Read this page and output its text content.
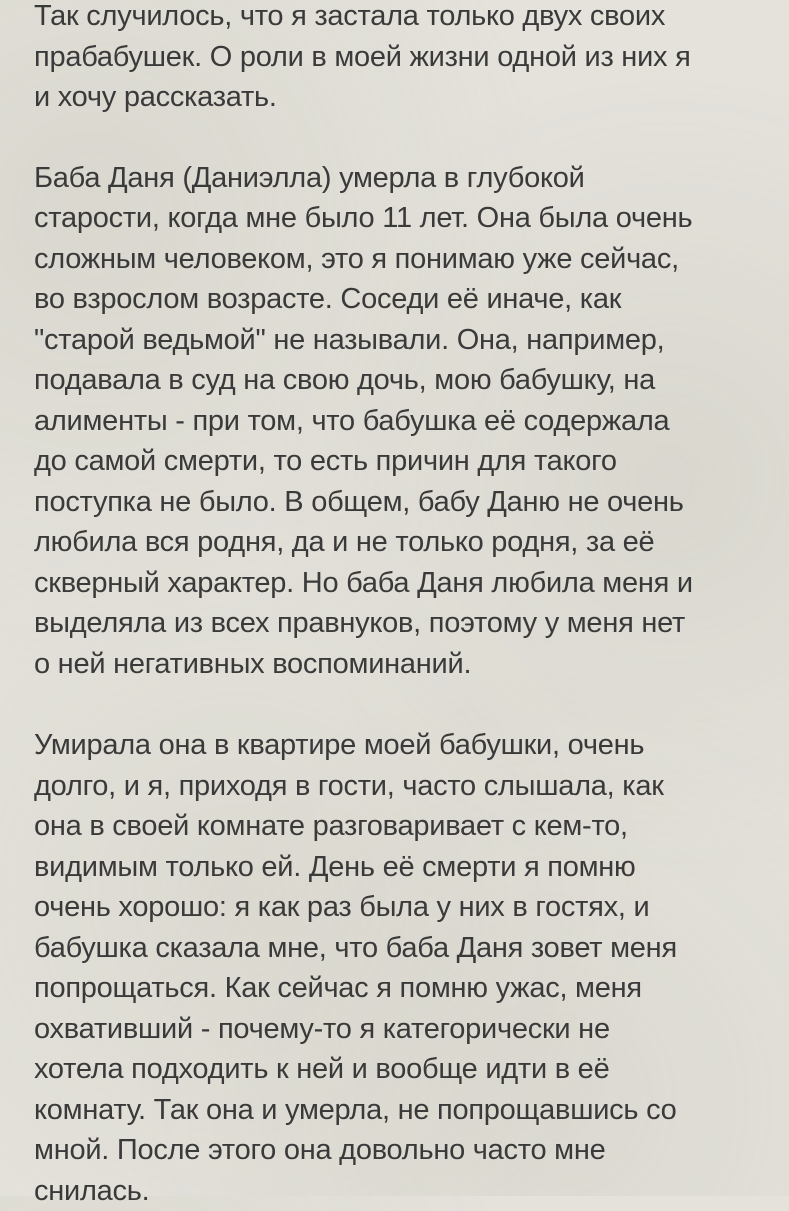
Так случилось, что я застала только двух своих
прабабушек. О роли в моей жизни одной из них я
и хочу рассказать.

Баба Даня (Даниэлла) умерла в глубокой
старости, когда мне было 11 лет. Она была очень
сложным человеком, это я понимаю уже сейчас,
во взрослом возрасте. Соседи её иначе, как
"старой ведьмой" не называли. Она, например,
подавала в суд на свою дочь, мою бабушку, на
алименты - при том, что бабушка её содержала
до самой смерти, то есть причин для такого
поступка не было. В общем, бабу Даню не очень
любила вся родня, да и не только родня, за её
скверный характер. Но баба Даня любила меня и
выделяла из всех правнуков, поэтому у меня нет
о ней негативных воспоминаний.

Умирала она в квартире моей бабушки, очень
долго, и я, приходя в гости, часто слышала, как
она в своей комнате разговаривает с кем-то,
видимым только ей. День её смерти я помню
очень хорошо: я как раз была у них в гостях, и
бабушка сказала мне, что баба Даня зовет меня
попрощаться. Как сейчас я помню ужас, меня
охвативший - почему-то я категорически не
хотела подходить к ней и вообще идти в её
комнату. Так она и умерла, не попрощавшись со
мной. После этого она довольно часто мне
снилась.
